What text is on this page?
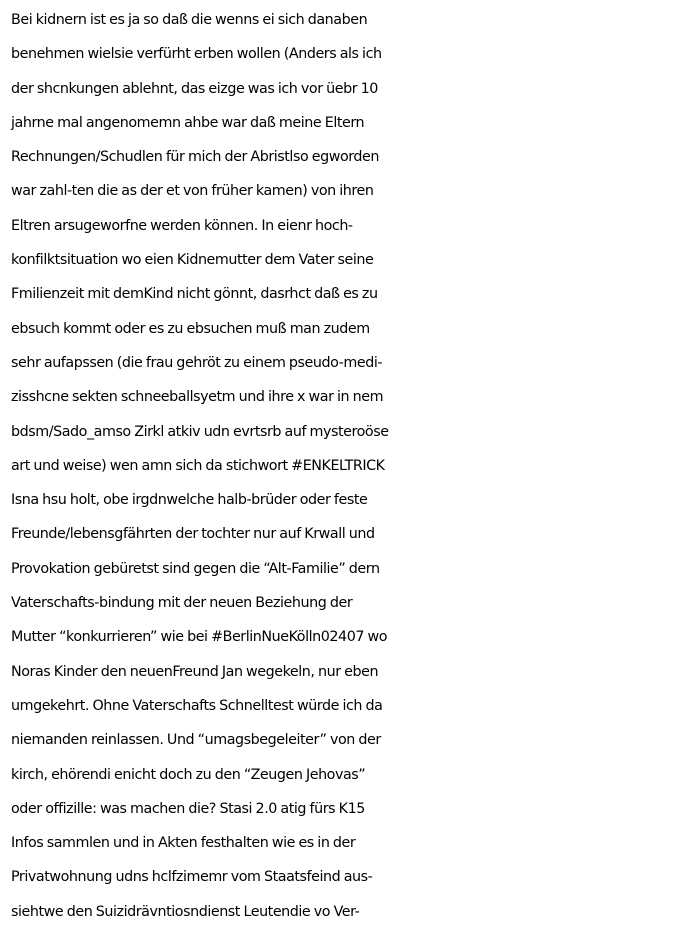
Bei kidnern ist es ja so daß die wenns ei sich danaben
benehmen wielsie verfürht erben wollen (Anders als ich
der shcnkungen ablehnt, das eizge was ich vor üebr 10
jahrne mal angenomemn ahbe war daß meine Eltern
Rechnungen/Schudlen für mich der Abristlso egworden
war zahl-ten die as der et von früher kamen) von ihren
Eltren arsugeworfne werden können. In eienr hoch-
konfilktsituation wo eien Kidnemutter dem Vater seine
Fmilienzeit mit demKind nicht gönnt, dasrhct daß es zu
ebsuch kommt oder es zu ebsuchen muß man zudem
sehr aufapssen (die frau gehröt zu einem pseudo-medi-
zisshcne sekten schneeballsyetm und ihre x war in nem
bdsm/Sado_amso Zirkl atkiv udn evrtsrb auf mysteroöse
art und weise) wen amn sich da stichwort #ENKELTRICK
Isna hsu holt, obe irgdnwelche halb-brüder oder feste
Freunde/lebensgfährten der tochter nur auf Krwall und
Provokation gebüretst sind gegen die “Alt-Familie” dern
Vaterschafts-bindung mit der neuen Beziehung der
Mutter “konkurrieren” wie bei #BerlinNueKölln02407 wo
Noras Kinder den neuenFreund Jan wegekeln, nur eben
umgekehrt. Ohne Vaterschafts Schnelltest würde ich da
niemanden reinlassen. Und “umagsbegeleiter” von der
kirch, ehörendi enicht doch zu den “Zeugen Jehovas”
oder offizille: was machen die? Stasi 2.0 atig fürs K15
Infos sammlen und in Akten festhalten wie es in der
Privatwohnung udns hclfzimemr vom Staatsfeind aus-
siehtwe den Suizidrävntiosndienst Leutendie vo Ver-
